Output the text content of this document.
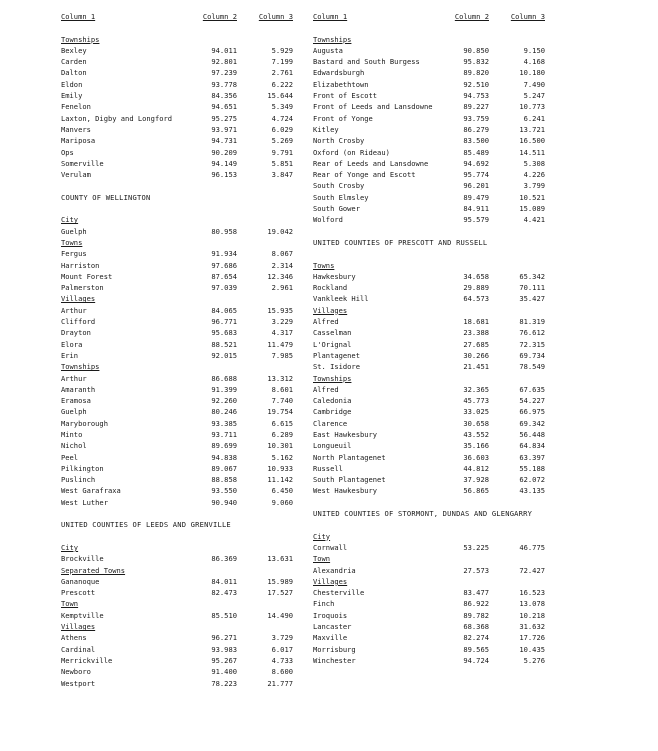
Column 1	Column 2	Column 3
Townships
Bexley	94.011	5.929
Carden	92.801	7.199
Dalton	97.239	2.761
Eldon	93.778	6.222
Emily	84.356	15.644
Fenelon	94.651	5.349
Laxton, Digby and Longford	95.275	4.724
Manvers	93.971	6.029
Mariposa	94.731	5.269
Ops	90.209	9.791
Somerville	94.149	5.851
Verulam	96.153	3.847
COUNTY OF WELLINGTON
City
Guelph	80.958	19.042
Towns
Fergus	91.934	8.067
Harriston	97.686	2.314
Mount Forest	87.654	12.346
Palmerston	97.039	2.961
Villages
Arthur	84.065	15.935
Clifford	96.771	3.229
Drayton	95.683	4.317
Elora	88.521	11.479
Erin	92.015	7.985
Townships
Arthur	86.688	13.312
Amaranth	91.399	8.601
Eramosa	92.260	7.740
Guelph	80.246	19.754
Maryborough	93.385	6.615
Minto	93.711	6.289
Nichol	89.699	10.301
Peel	94.838	5.162
Pilkington	89.067	10.933
Puslinch	88.858	11.142
West Garafraxa	93.550	6.450
West Luther	90.940	9.060
UNITED COUNTIES OF LEEDS AND GRENVILLE
City
Brockville	86.369	13.631
Separated Towns
Gananoque	84.011	15.989
Prescott	82.473	17.527
Town
Kemptville	85.510	14.490
Villages
Athens	96.271	3.729
Cardinal	93.983	6.017
Merrickville	95.267	4.733
Newboro	91.400	8.600
Westport	78.223	21.777
Column 1	Column 2	Column 3
Townships
Augusta	90.850	9.150
Bastard and South Burgess	95.832	4.168
Edwardsburgh	89.820	10.180
Elizabethtown	92.510	7.490
Front of Escott	94.753	5.247
Front of Leeds and Lansdowne	89.227	10.773
Front of Yonge	93.759	6.241
Kitley	86.279	13.721
North Crosby	83.500	16.500
Oxford (on Rideau)	85.489	14.511
Rear of Leeds and Lansdowne	94.692	5.308
Rear of Yonge and Escott	95.774	4.226
South Crosby	96.201	3.799
South Elmsley	89.479	10.521
South Gower	84.911	15.089
Wolford	95.579	4.421
UNITED COUNTIES OF PRESCOTT AND RUSSELL
Towns
Hawkesbury	34.658	65.342
Rockland	29.889	70.111
Vankleek Hill	64.573	35.427
Villages
Alfred	18.681	81.319
Casselman	23.388	76.612
L'Orignal	27.685	72.315
Plantagenet	30.266	69.734
St. Isidore	21.451	78.549
Townships
Alfred	32.365	67.635
Caledonia	45.773	54.227
Cambridge	33.025	66.975
Clarence	30.658	69.342
East Hawkesbury	43.552	56.448
Longueuil	35.166	64.834
North Plantagenet	36.603	63.397
Russell	44.812	55.188
South Plantagenet	37.928	62.072
West Hawkesbury	56.865	43.135
UNITED COUNTIES OF STORMONT, DUNDAS AND GLENGARRY
City
Cornwall	53.225	46.775
Town
Alexandria	27.573	72.427
Villages
Chesterville	83.477	16.523
Finch	86.922	13.078
Iroquois	89.782	10.218
Lancaster	68.368	31.632
Maxville	82.274	17.726
Morrisburg	89.565	10.435
Winchester	94.724	5.276
